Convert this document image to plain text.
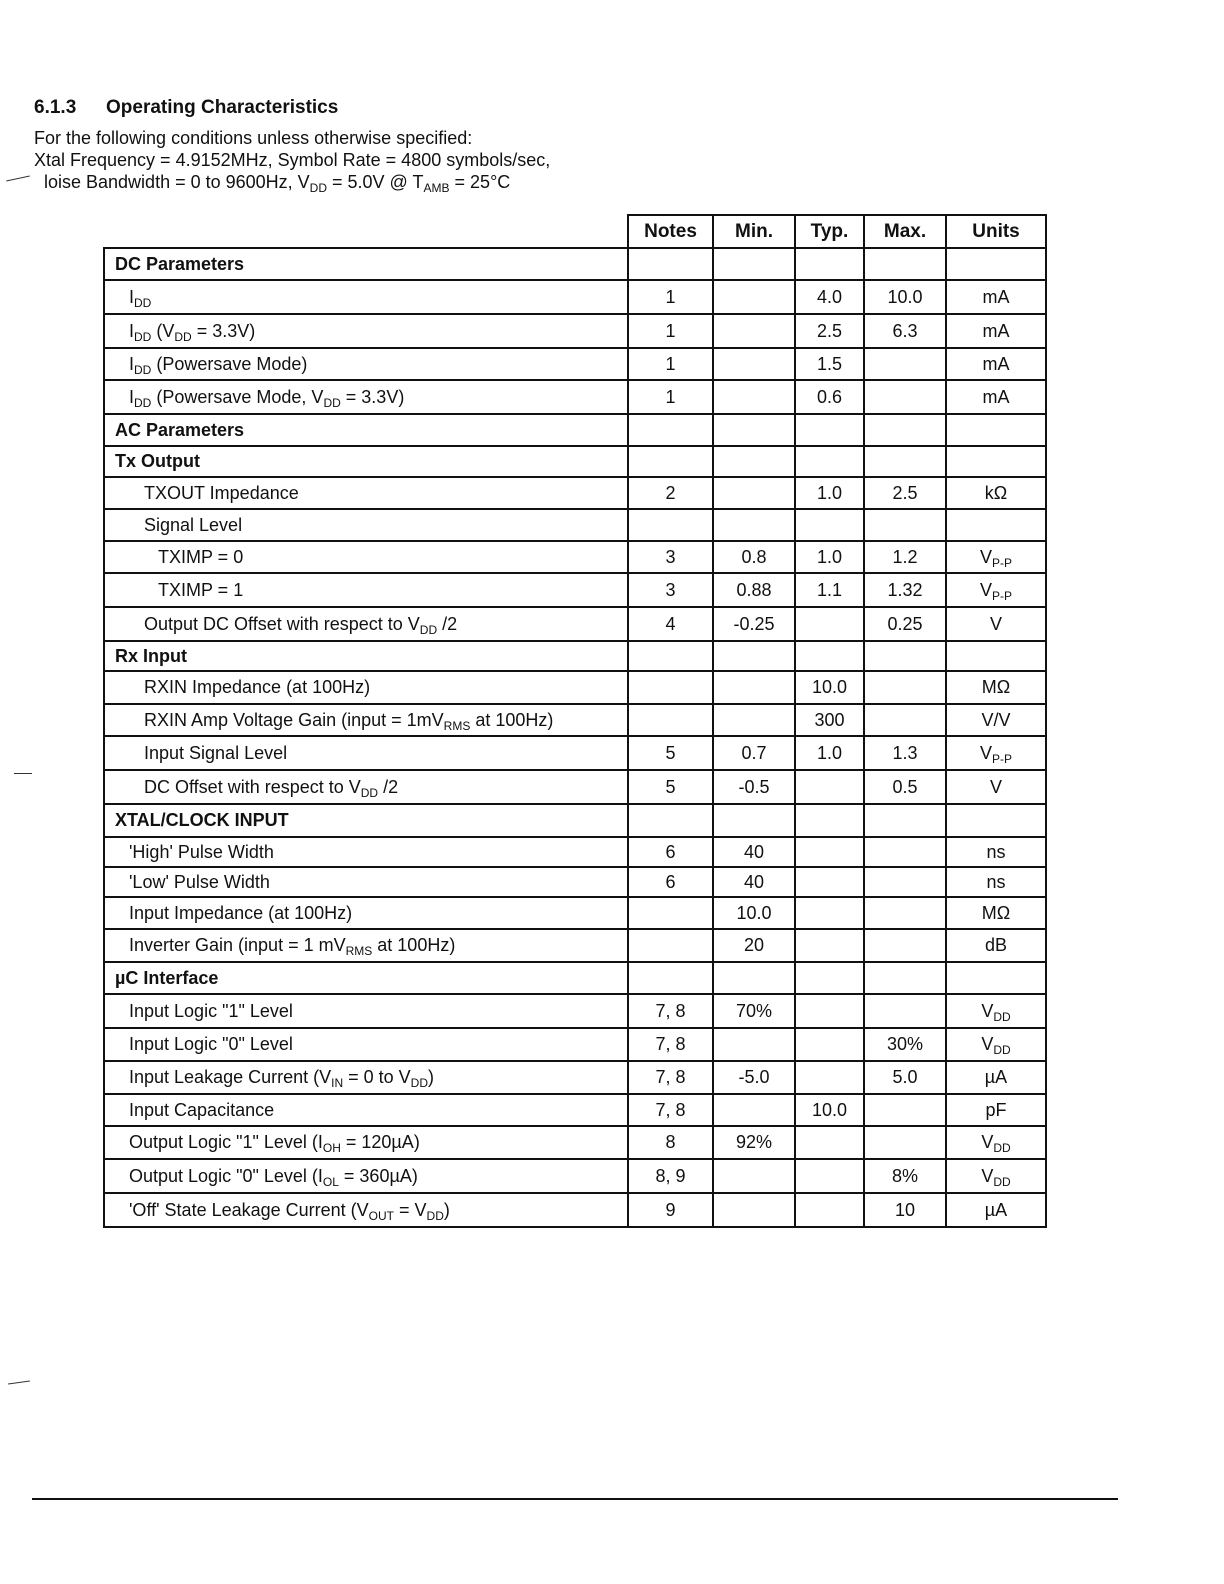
6.1.3 Operating Characteristics
For the following conditions unless otherwise specified:
Xtal Frequency = 4.9152MHz, Symbol Rate = 4800 symbols/sec,
loise Bandwidth = 0 to 9600Hz, $V_{DD} = 5.0V$ @ $T_{AMB} = 25^\circ C$
Notes	Min.	Typ.	Max.	Units
DC Parameters					
$I_{DD}$	1		4.0	10.0	mA
$I_{DD}$ $(V_{DD} = 3.3V)$	1		2.5	6.3	mA
$I_{DD}$ (Powersave Mode)	1		1.5		mA
$I_{DD}$ (Powersave Mode, $V_{DD} = 3.3V$)	1		0.6		mA
AC Parameters					
Tx Output					
TXOUT Impedance	2		1.0	2.5	kΩ
Signal Level					
TXIMP = 0	3	0.8	1.0	1.2	$V_{P-P}$
TXIMP = 1	3	0.88	1.1	1.32	$V_{P-P}$
Output DC Offset with respect to $V_{DD}$ /2	4	-0.25		0.25	V
Rx Input					
RXIN Impedance (at 100Hz)			10.0		MΩ
RXIN Amp Voltage Gain (input = $1mV_{RMS}$ at 100Hz)			300		V/V
Input Signal Level	5	0.7	1.0	1.3	$V_{P-P}$
DC Offset with respect to $V_{DD}$ /2	5	-0.5		0.5	V
XTAL/CLOCK INPUT					
'High' Pulse Width	6	40			ns
'Low' Pulse Width	6	40			ns
Input Impedance (at 100Hz)		10.0			MΩ
Inverter Gain (input = 1 $mV_{RMS}$ at 100Hz)		20			dB
µC Interface					
Input Logic "1" Level	7, 8	70%			$V_{DD}$
Input Logic "0" Level	7, 8			30%	$V_{DD}$
Input Leakage Current ($V_{IN} = 0$ to $V_{DD}$)	7, 8	-5.0		5.0	µA
Input Capacitance	7, 8		10.0		pF
Output Logic "1" Level $(I_{OH} = 120\mu A)$	8	92%			$V_{DD}$
Output Logic "0" Level $(I_{OL} = 360\mu A)$	8, 9			8%	$V_{DD}$
'Off' State Leakage Current $(V_{OUT} = V_{DD})$	9			10	µA
